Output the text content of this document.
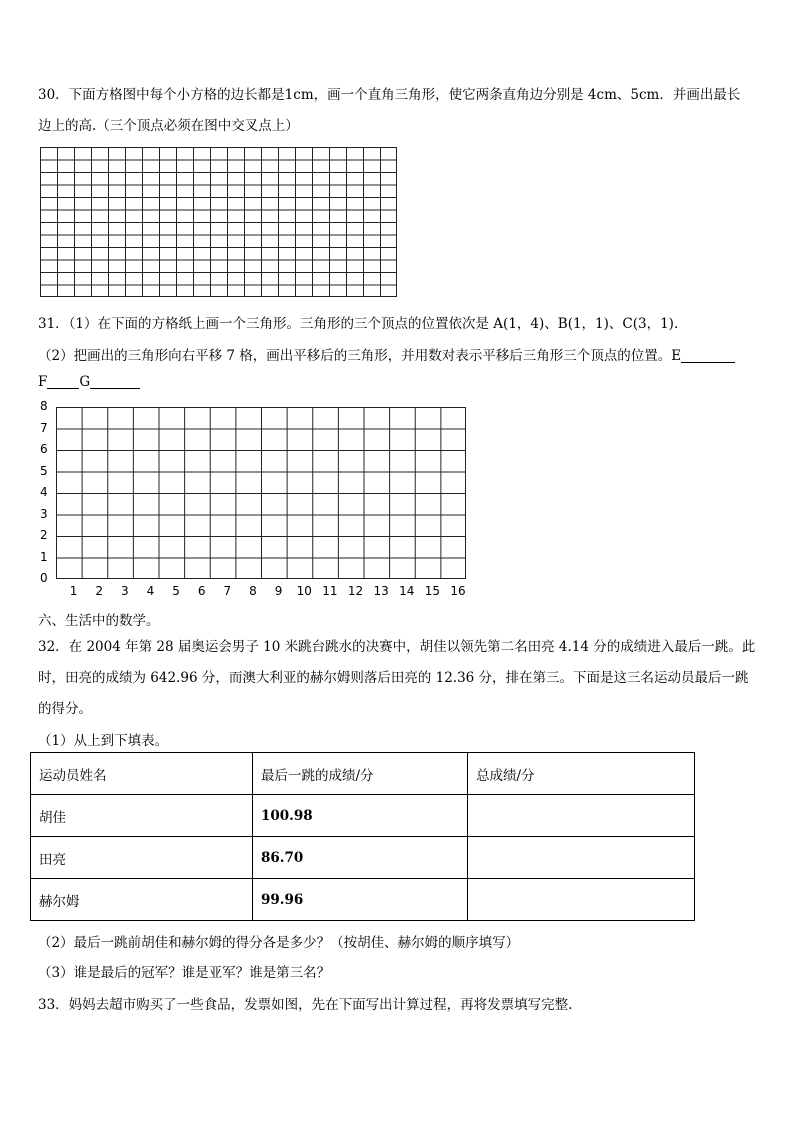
30．下面方格图中每个小方格的边长都是1cm，画一个直角三角形，使它两条直角边分别是 4cm、5cm．并画出最长
边上的高.（三个顶点必须在图中交叉点上）
31．（1）在下面的方格纸上画一个三角形。三角形的三个顶点的位置依次是 A(1，4)、B(1，1)、C(3，1).
（2）把画出的三角形向右平移 7 格，画出平移后的三角形，并用数对表示平移后三角形三个顶点的位置。E
F G
8
7
6
5
4
3
2
1
0
1	2	3	4	5	6	7	8	9	10 11 12 13 14 15 16
六、生活中的数学。
32．在 2004 年第 28 届奥运会男子 10 米跳台跳水的决赛中，胡佳以领先第二名田亮 4.14 分的成绩进入最后一跳。此
时，田亮的成绩为 642.96 分，而澳大利亚的赫尔姆则落后田亮的 12.36 分，排在第三。下面是这三名运动员最后一跳
的得分。
（1）从上到下填表。
运动员姓名	最后一跳的成绩/分	总成绩/分
胡佳	100.98	
田亮	86.70	
赫尔姆	99.96	
（2）最后一跳前胡佳和赫尔姆的得分各是多少？（按胡佳、赫尔姆的顺序填写）
（3）谁是最后的冠军？谁是亚军？谁是第三名？
33．妈妈去超市购买了一些食品，发票如图，先在下面写出计算过程，再将发票填写完整.
